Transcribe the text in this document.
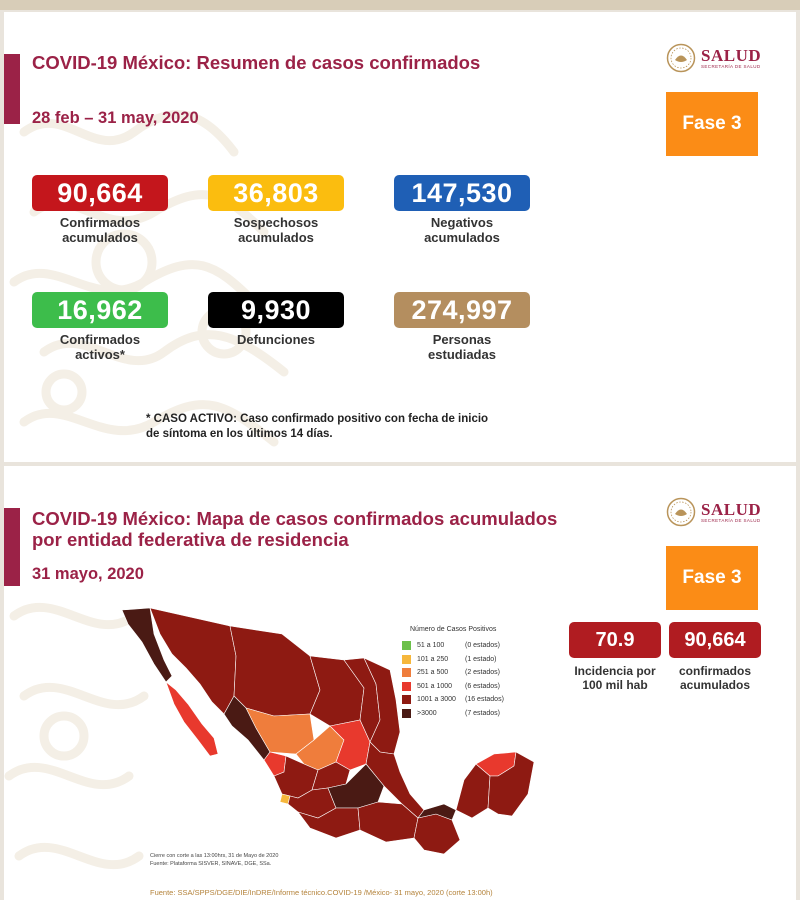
COVID-19 México: Resumen de casos confirmados
28 feb – 31 may, 2020
SALUD
SECRETARÍA DE SALUD
Fase 3
90,664
Confirmados
acumulados
36,803
Sospechosos
acumulados
147,530
Negativos
acumulados
16,962
Confirmados
activos*
9,930
Defunciones

274,997
Personas
estudiadas
* CASO ACTIVO: Caso confirmado positivo con fecha de inicio
de síntoma en los últimos 14 días.
COVID-19 México: Mapa de casos confirmados acumulados
por entidad federativa de residencia
31 mayo, 2020
SALUD
SECRETARÍA DE SALUD
Fase 3
Número de Casos Positivos
51 a 100	(0 estados)
101 a 250	(1 estado)
251 a 500	(2 estados)
501 a 1000	(6 estados)
1001 a 3000	(16 estados)
>3000	(7 estados)
70.9
Incidencia por
100 mil hab
90,664
confirmados
acumulados
Cierre con corte a las 13:00hrs, 31 de Mayo de 2020
Fuente: Plataforma SISVER, SINAVE, DGE, SSa.
Fuente: SSA/SPPS/DGE/DIE/InDRE/Informe técnico.COVID-19 /México- 31 mayo, 2020 (corte 13:00h)
